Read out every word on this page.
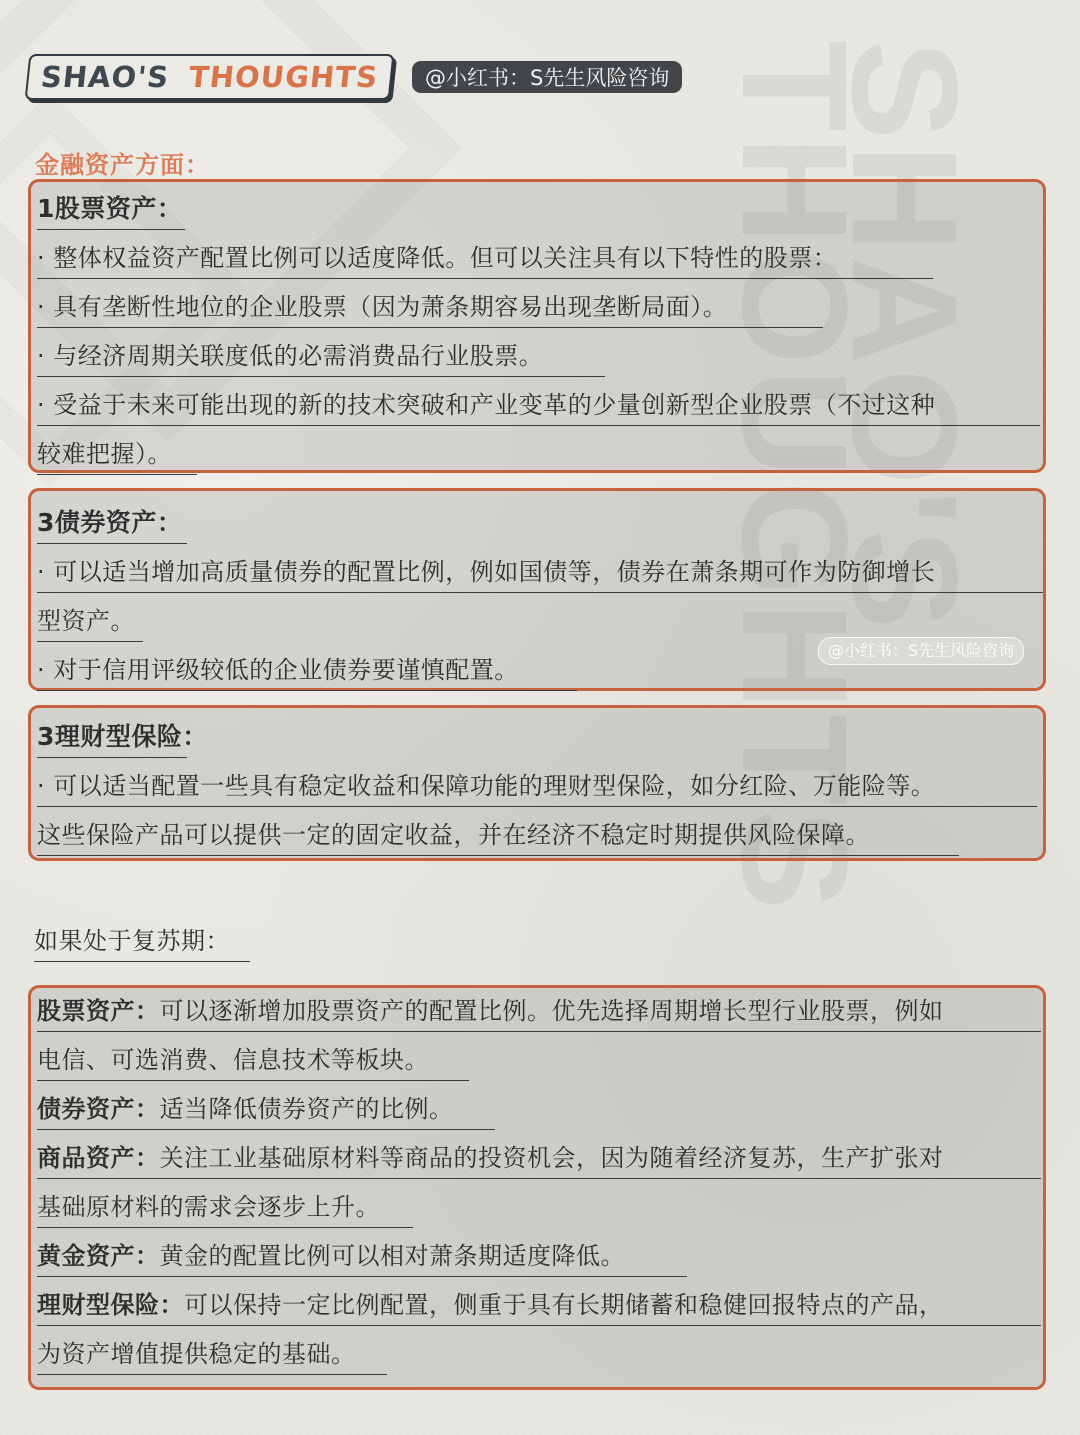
SHAO'S THOUGHTS
SHAO'S THOUGHTS	@小红书：S先生风险咨询
金融资产方面：
1股票资产：
· 整体权益资产配置比例可以适度降低。但可以关注具有以下特性的股票：
· 具有垄断性地位的企业股票（因为萧条期容易出现垄断局面）。
· 与经济周期关联度低的必需消费品行业股票。
· 受益于未来可能出现的新的技术突破和产业变革的少量创新型企业股票（不过这种
较难把握）。
3债券资产：
· 可以适当增加高质量债券的配置比例，例如国债等，债券在萧条期可作为防御增长
型资产。
· 对于信用评级较低的企业债券要谨慎配置。
@小红书：S先生风险咨询
3理财型保险：
· 可以适当配置一些具有稳定收益和保障功能的理财型保险，如分红险、万能险等。
这些保险产品可以提供一定的固定收益，并在经济不稳定时期提供风险保障。
如果处于复苏期：
股票资产：可以逐渐增加股票资产的配置比例。优先选择周期增长型行业股票，例如
电信、可选消费、信息技术等板块。
债券资产：适当降低债券资产的比例。
商品资产：关注工业基础原材料等商品的投资机会，因为随着经济复苏，生产扩张对
基础原材料的需求会逐步上升。
黄金资产：黄金的配置比例可以相对萧条期适度降低。
理财型保险：可以保持一定比例配置，侧重于具有长期储蓄和稳健回报特点的产品，
为资产增值提供稳定的基础。
